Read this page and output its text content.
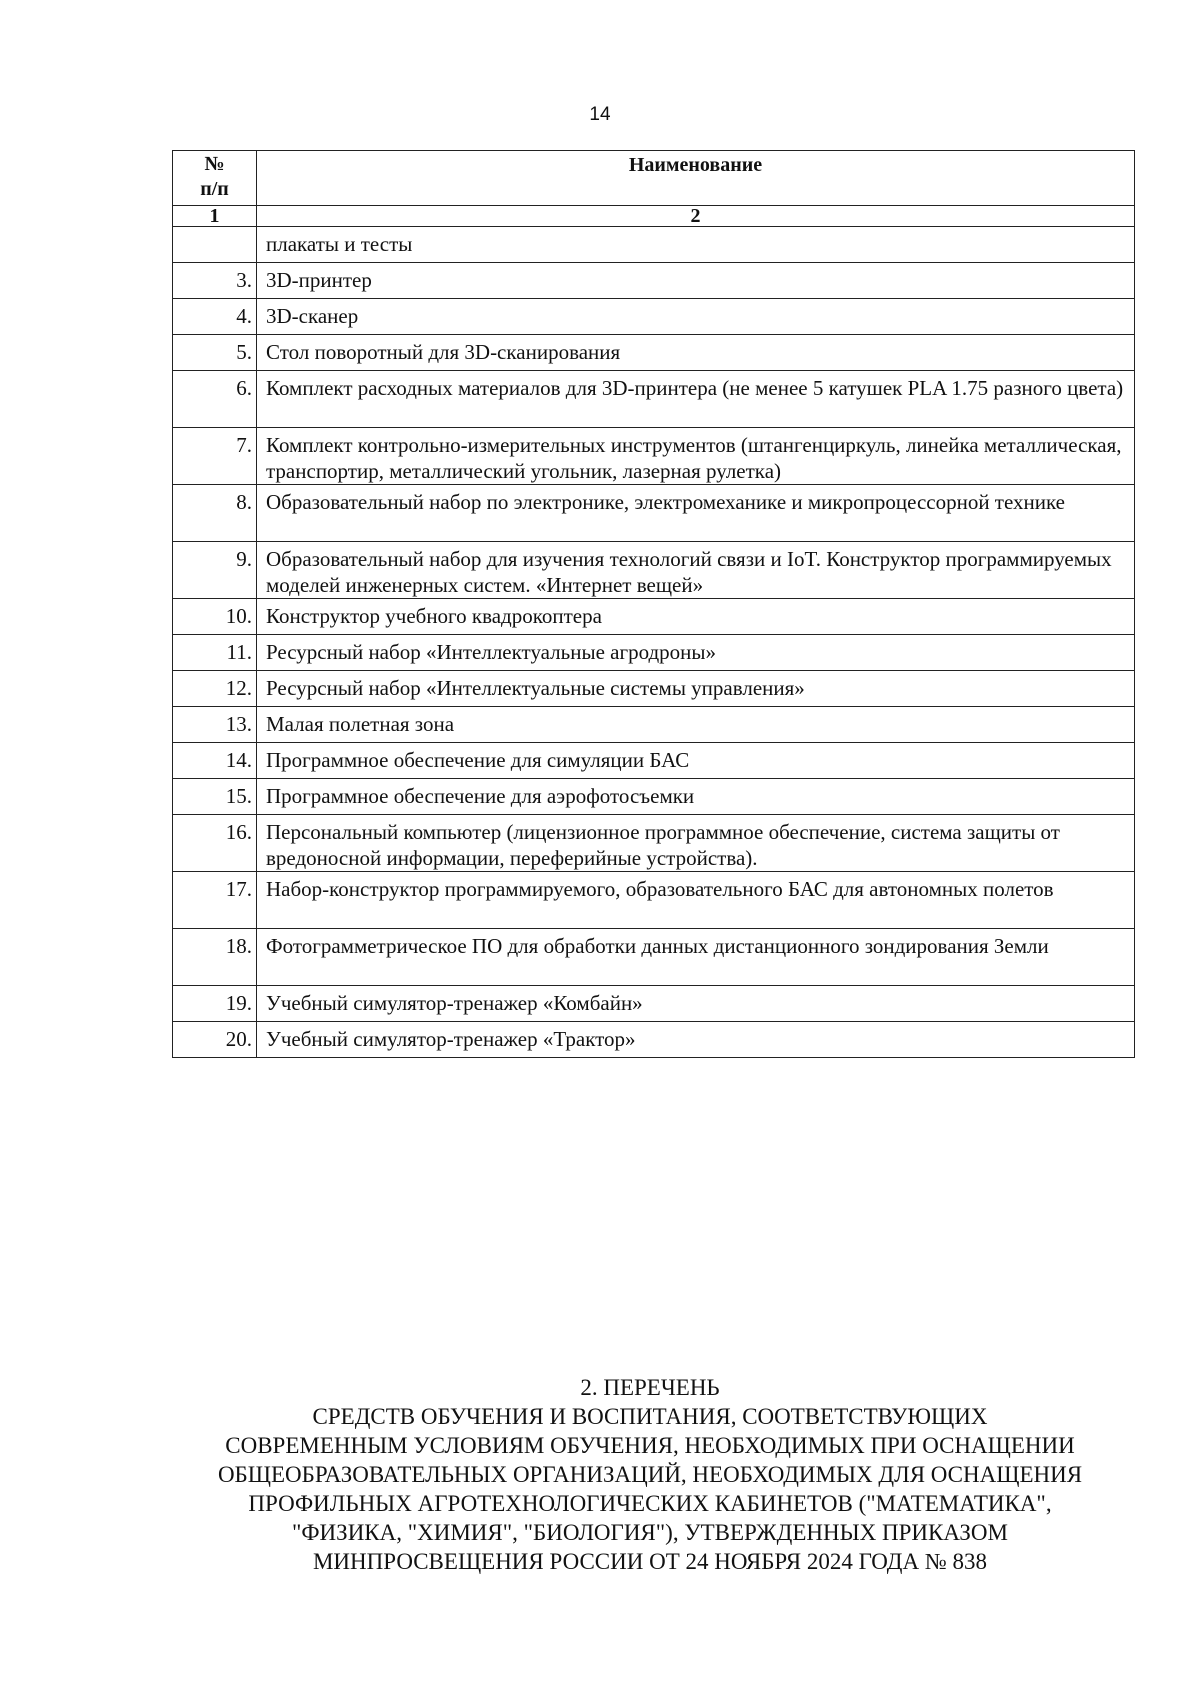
14
№
п/п	Наименование
1	2
	плакаты и тесты
3.	3D-принтер
4.	3D-сканер
5.	Стол поворотный для 3D-сканирования
6.	Комплект расходных материалов для 3D-принтера (не менее 5 катушек PLA 1.75 разного цвета)
7.	Комплект контрольно-измерительных инструментов (штангенциркуль, линейка металлическая, транспортир, металлический угольник, лазерная рулетка)
8.	Образовательный набор по электронике, электромеханике и микропроцессорной технике
9.	Образовательный набор для изучения технологий связи и IoT. Конструктор программируемых моделей инженерных систем. «Интернет вещей»
10.	Конструктор учебного квадрокоптера
11.	Ресурсный набор «Интеллектуальные агродроны»
12.	Ресурсный набор «Интеллектуальные системы управления»
13.	Малая полетная зона
14.	Программное обеспечение для симуляции БАС
15.	Программное обеспечение для аэрофотосъемки
16.	Персональный компьютер (лицензионное программное обеспечение, система защиты от вредоносной информации, переферийные устройства).
17.	Набор-конструктор программируемого, образовательного БАС для автономных полетов
18.	Фотограмметрическое ПО для обработки данных дистанционного зондирования Земли
19.	Учебный симулятор-тренажер «Комбайн»
20.	Учебный симулятор-тренажер «Трактор»
2. ПЕРЕЧЕНЬ
СРЕДСТВ ОБУЧЕНИЯ И ВОСПИТАНИЯ, СООТВЕТСТВУЮЩИХ
СОВРЕМЕННЫМ УСЛОВИЯМ ОБУЧЕНИЯ, НЕОБХОДИМЫХ ПРИ ОСНАЩЕНИИ
ОБЩЕОБРАЗОВАТЕЛЬНЫХ ОРГАНИЗАЦИЙ, НЕОБХОДИМЫХ ДЛЯ ОСНАЩЕНИЯ
ПРОФИЛЬНЫХ АГРОТЕХНОЛОГИЧЕСКИХ КАБИНЕТОВ ("МАТЕМАТИКА",
"ФИЗИКА, "ХИМИЯ", "БИОЛОГИЯ"), УТВЕРЖДЕННЫХ ПРИКАЗОМ
МИНПРОСВЕЩЕНИЯ РОССИИ ОТ 24 НОЯБРЯ 2024 ГОДА № 838
